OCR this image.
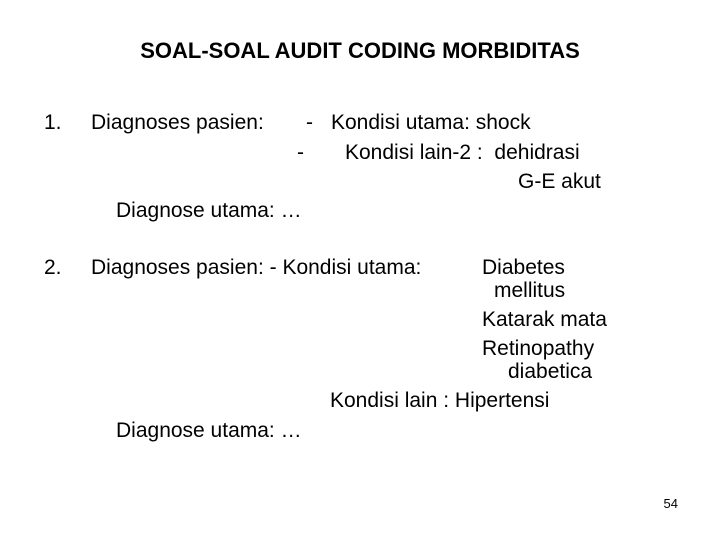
SOAL-SOAL AUDIT CODING MORBIDITAS
1. Diagnoses pasien: - Kondisi utama: shock
- Kondisi lain-2 :  dehidrasi
G-E akut
Diagnose utama: …
2. Diagnoses pasien: - Kondisi utama:	Diabetes
mellitus
Katarak mata
Retinopathy
diabetica
Kondisi lain : Hipertensi
Diagnose utama: …
54
